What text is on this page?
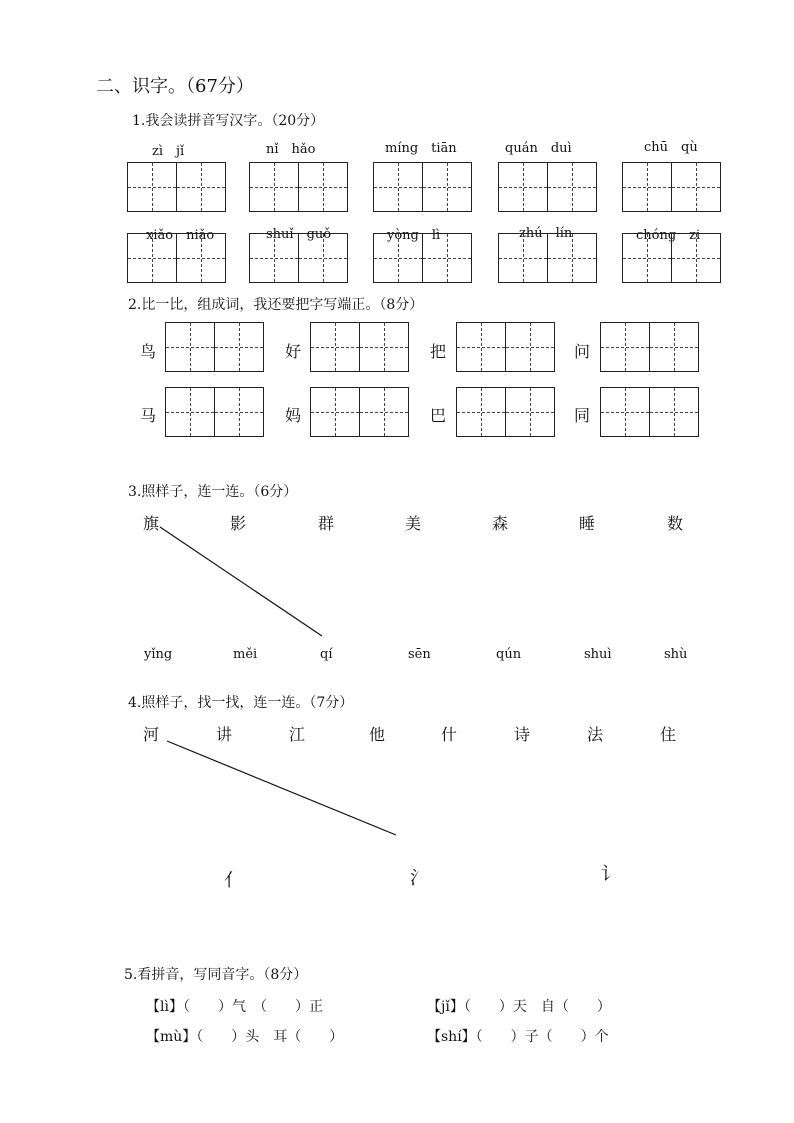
二、识字。（67分）
1.我会读拼音写汉字。（20分）
zì　jǐ	nǐ　hǎo	míng　tiān	quán　duì	chū　qù
xiǎo　niǎo	shuǐ　guǒ	yòng　lì	zhú　lín	chóng　zi
2.比一比，组成词，我还要把字写端正。（8分）
鸟	好	把	问
马	妈	巴	同
3.照样子，连一连。（6分）
旗	影	群	美	森	睡	数
yǐng	měi	qí	sēn	qún	shuì	shù
4.照样子，找一找，连一连。（7分）
河	讲	江	他	什	诗	法	住
亻	氵	讠
5.看拼音，写同音字。（8分）
【lì】（　　）气　（　　）正	【jǐ】（　　）天　自（　　）
【mù】（　　）头　耳（　　）	【shí】（　　）子（　　）个
